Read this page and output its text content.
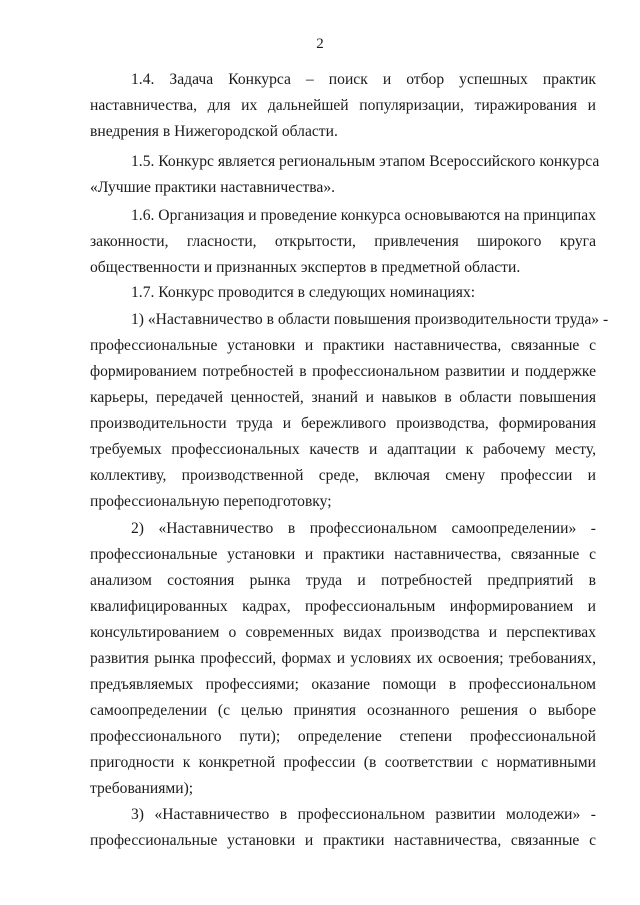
2
1.4. Задача Конкурса – поиск и отбор успешных практик
наставничества, для их дальнейшей популяризации, тиражирования и
внедрения в Нижегородской области.
1.5. Конкурс является региональным этапом Всероссийского конкурса
«Лучшие практики наставничества».
1.6. Организация и проведение конкурса основываются на принципах
законности, гласности, открытости, привлечения широкого круга
общественности и признанных экспертов в предметной области.
1.7. Конкурс проводится в следующих номинациях:
1) «Наставничество в области повышения производительности труда» -
профессиональные установки и практики наставничества, связанные с
формированием потребностей в профессиональном развитии и поддержке
карьеры, передачей ценностей, знаний и навыков в области повышения
производительности труда и бережливого производства, формирования
требуемых профессиональных качеств и адаптации к рабочему месту,
коллективу, производственной среде, включая смену профессии и
профессиональную переподготовку;
2) «Наставничество в профессиональном самоопределении» -
профессиональные установки и практики наставничества, связанные с
анализом состояния рынка труда и потребностей предприятий в
квалифицированных кадрах, профессиональным информированием и
консультированием о современных видах производства и перспективах
развития рынка профессий, формах и условиях их освоения; требованиях,
предъявляемых профессиями; оказание помощи в профессиональном
самоопределении (с целью принятия осознанного решения о выборе
профессионального пути); определение степени профессиональной
пригодности к конкретной профессии (в соответствии с нормативными
требованиями);
3) «Наставничество в профессиональном развитии молодежи» -
профессиональные установки и практики наставничества, связанные с
